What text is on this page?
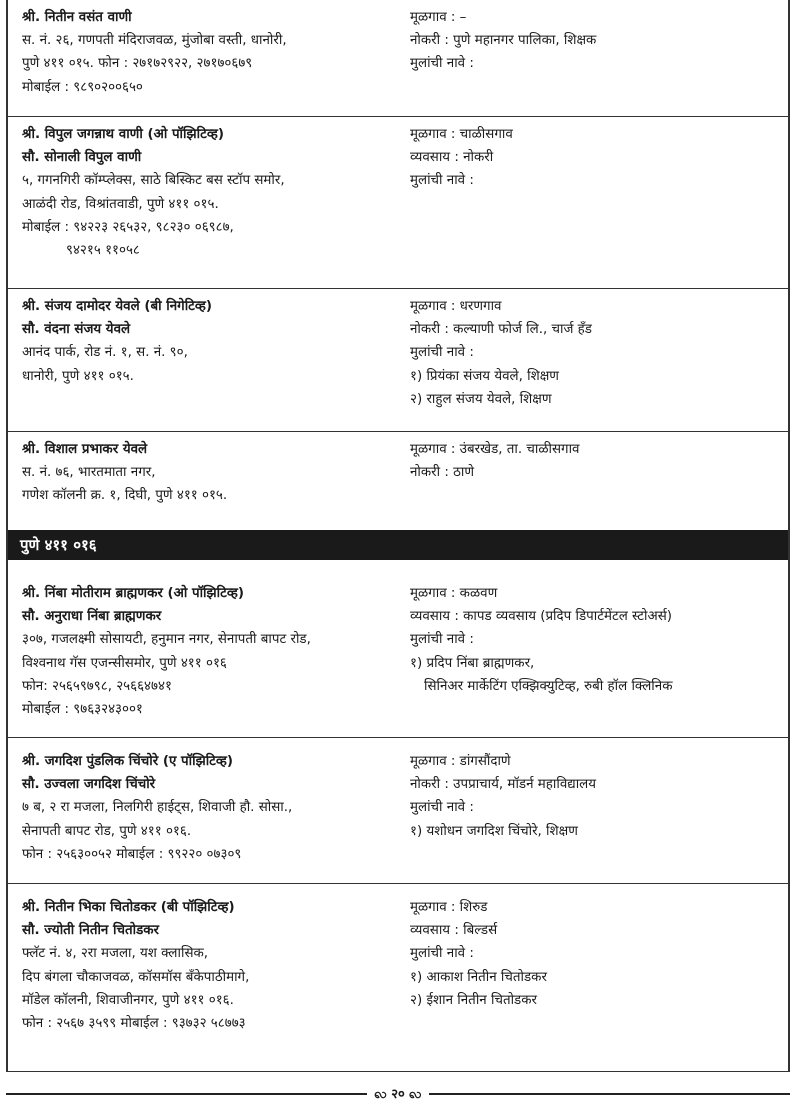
श्री. नितीन वसंत वाणी
स. नं. २६, गणपती मंदिराजवळ, मुंजोबा वस्ती, धानोरी,
पुणे ४११ ०१५. फोन : २७१७२९२२, २७१७०६७९
मोबाईल : ९८९०२००६५०
मूळगाव : –
नोकरी : पुणे महानगर पालिका, शिक्षक
मुलांची नावे :
श्री. विपुल जगन्नाथ वाणी (ओ पॉझिटिव्ह)
सौ. सोनाली विपुल वाणी
५, गगनगिरी कॉम्प्लेक्स, साठे बिस्किट बस स्टॉप समोर,
आळंदी रोड, विश्रांतवाडी, पुणे ४११ ०१५.
मोबाईल : ९४२२३ २६५३२, ९८२३० ०६९८७,
९४२१५ ११०५८
मूळगाव : चाळीसगाव
व्यवसाय : नोकरी
मुलांची नावे :
श्री. संजय दामोदर येवले (बी निगेटिव्ह)
सौ. वंदना संजय येवले
आनंद पार्क, रोड नं. १, स. नं. ९०,
धानोरी, पुणे ४११ ०१५.
मूळगाव : धरणगाव
नोकरी : कल्याणी फोर्ज लि., चार्ज हँड
मुलांची नावे :
१) प्रियंका संजय येवले, शिक्षण
२) राहुल संजय येवले, शिक्षण
श्री. विशाल प्रभाकर येवले
स. नं. ७६, भारतमाता नगर,
गणेश कॉलनी क्र. १, दिघी, पुणे ४११ ०१५.
मूळगाव : उंबरखेड, ता. चाळीसगाव
नोकरी : ठाणे
पुणे ४११ ०१६
श्री. निंबा मोतीराम ब्राह्मणकर (ओ पॉझिटिव्ह)
सौ. अनुराधा निंबा ब्राह्मणकर
३०७, गजलक्ष्मी सोसायटी, हनुमान नगर, सेनापती बापट रोड,
विश्वनाथ गॅस एजन्सीसमोर, पुणे ४११ ०१६
फोन: २५६५९७९८, २५६६४७४१
मोबाईल : ९७६३२४३००१
मूळगाव : कळवण
व्यवसाय : कापड व्यवसाय (प्रदिप डिपार्टमेंटल स्टोअर्स)
मुलांची नावे :
१) प्रदिप निंबा ब्राह्मणकर,
सिनिअर मार्केटिंग एक्झिक्युटिव्ह, रुबी हॉल क्लिनिक
श्री. जगदिश पुंडलिक चिंचोरे (ए पॉझिटिव्ह)
सौ. उज्वला जगदिश चिंचोरे
७ ब, २ रा मजला, निलगिरी हाईट्स, शिवाजी हौ. सोसा.,
सेनापती बापट रोड, पुणे ४११ ०१६.
फोन : २५६३००५२ मोबाईल : ९९२२० ०७३०९
मूळगाव : डांगसौंदाणे
नोकरी : उपप्राचार्य, मॉडर्न महाविद्यालय
मुलांची नावे :
१) यशोधन जगदिश चिंचोरे, शिक्षण
श्री. नितीन भिका चितोडकर (बी पॉझिटिव्ह)
सौ. ज्योती नितीन चितोडकर
फ्लॅट नं. ४, २रा मजला, यश क्लासिक,
दिप बंगला चौकाजवळ, कॉसमॉस बँकेपाठीमागे,
मॉडेल कॉलनी, शिवाजीनगर, पुणे ४११ ०१६.
फोन : २५६७ ३५९९ मोबाईल : ९३७३२ ५८७७३
मूळगाव : शिरुड
व्यवसाय : बिल्डर्स
मुलांची नावे :
१) आकाश नितीन चितोडकर
२) ईशान नितीन चितोडकर
ꩮ २० ꩮ
